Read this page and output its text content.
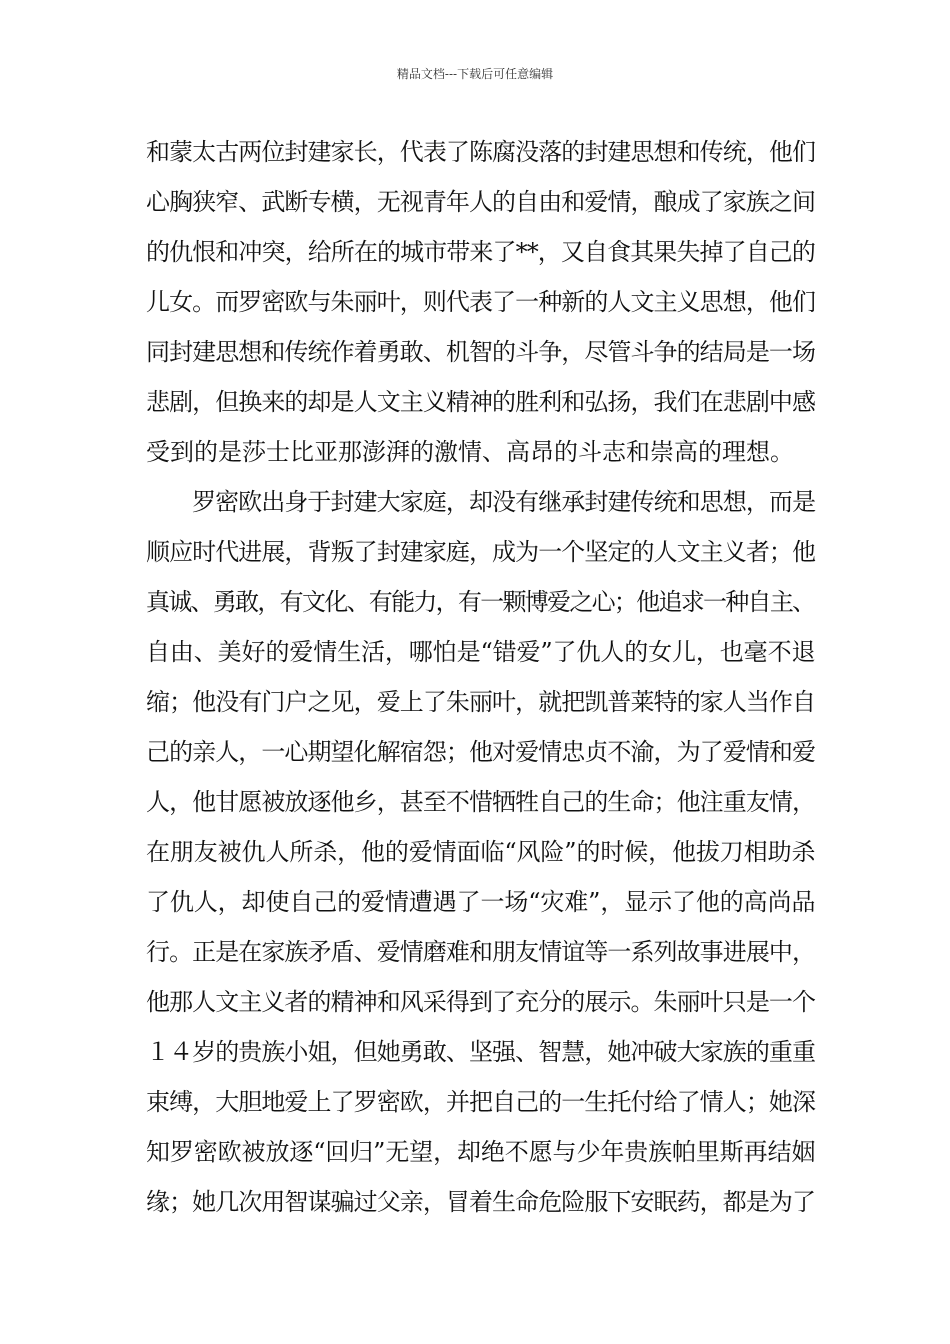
精品文档---下载后可任意编辑
和蒙太古两位封建家长，代表了陈腐没落的封建思想和传统，他们
心胸狭窄、武断专横，无视青年人的自由和爱情，酿成了家族之间
的仇恨和冲突，给所在的城市带来了**，又自食其果失掉了自己的
儿女。而罗密欧与朱丽叶，则代表了一种新的人文主义思想，他们
同封建思想和传统作着勇敢、机智的斗争，尽管斗争的结局是一场
悲剧，但换来的却是人文主义精神的胜利和弘扬，我们在悲剧中感
受到的是莎士比亚那澎湃的激情、高昂的斗志和崇高的理想。
罗密欧出身于封建大家庭，却没有继承封建传统和思想，而是
顺应时代进展，背叛了封建家庭，成为一个坚定的人文主义者；他
真诚、勇敢，有文化、有能力，有一颗博爱之心；他追求一种自主、
自由、美好的爱情生活，哪怕是“错爱”了仇人的女儿，也毫不退
缩；他没有门户之见，爱上了朱丽叶，就把凯普莱特的家人当作自
己的亲人，一心期望化解宿怨；他对爱情忠贞不渝，为了爱情和爱
人，他甘愿被放逐他乡，甚至不惜牺牲自己的生命；他注重友情，
在朋友被仇人所杀，他的爱情面临“风险”的时候，他拔刀相助杀
了仇人，却使自己的爱情遭遇了一场“灾难”，显示了他的高尚品
行。正是在家族矛盾、爱情磨难和朋友情谊等一系列故事进展中，
他那人文主义者的精神和风采得到了充分的展示。朱丽叶只是一个
１４岁的贵族小姐，但她勇敢、坚强、智慧，她冲破大家族的重重
束缚，大胆地爱上了罗密欧，并把自己的一生托付给了情人；她深
知罗密欧被放逐“回归”无望，却绝不愿与少年贵族帕里斯再结姻
缘；她几次用智谋骗过父亲，冒着生命危险服下安眠药，都是为了
